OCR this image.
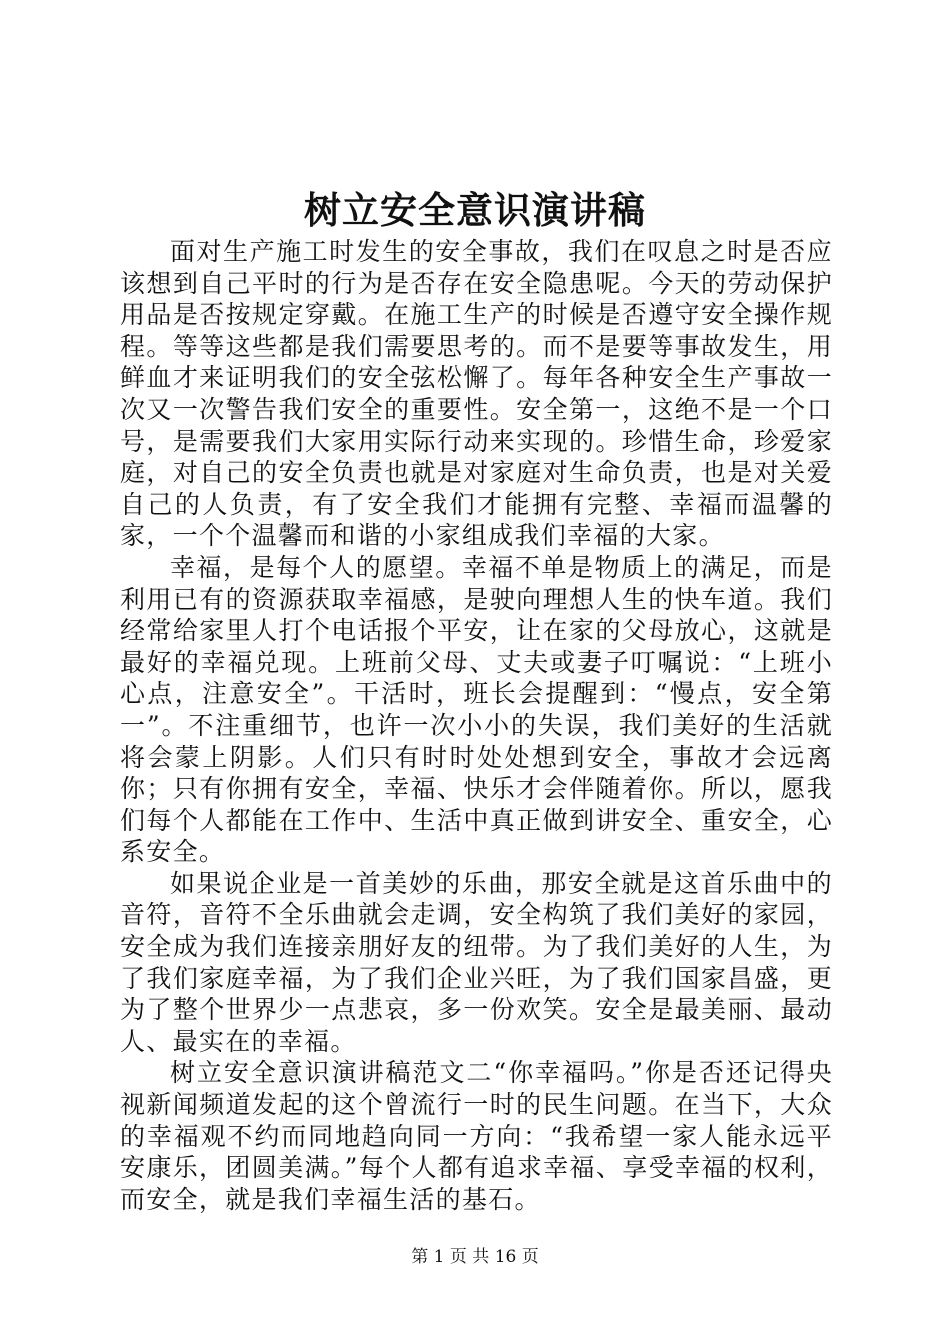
树立安全意识演讲稿

面对生产施工时发生的安全事故，我们在叹息之时是否应该想到自己平时的行为是否存在安全隐患呢。今天的劳动保护用品是否按规定穿戴。在施工生产的时候是否遵守安全操作规程。等等这些都是我们需要思考的。而不是要等事故发生，用鲜血才来证明我们的安全弦松懈了。每年各种安全生产事故一次又一次警告我们安全的重要性。安全第一，这绝不是一个口号，是需要我们大家用实际行动来实现的。珍惜生命，珍爱家庭，对自己的安全负责也就是对家庭对生命负责，也是对关爱自己的人负责，有了安全我们才能拥有完整、幸福而温馨的家，一个个温馨而和谐的小家组成我们幸福的大家。

幸福，是每个人的愿望。幸福不单是物质上的满足，而是利用已有的资源获取幸福感，是驶向理想人生的快车道。我们经常给家里人打个电话报个平安，让在家的父母放心，这就是最好的幸福兑现。上班前父母、丈夫或妻子叮嘱说：“上班小心点，注意安全”。干活时，班长会提醒到：“慢点，安全第一”。不注重细节，也许一次小小的失误，我们美好的生活就将会蒙上阴影。人们只有时时处处想到安全，事故才会远离你；只有你拥有安全，幸福、快乐才会伴随着你。所以，愿我们每个人都能在工作中、生活中真正做到讲安全、重安全，心系安全。

如果说企业是一首美妙的乐曲，那安全就是这首乐曲中的音符，音符不全乐曲就会走调，安全构筑了我们美好的家园，安全成为我们连接亲朋好友的纽带。为了我们美好的人生，为了我们家庭幸福，为了我们企业兴旺，为了我们国家昌盛，更为了整个世界少一点悲哀，多一份欢笑。安全是最美丽、最动人、最实在的幸福。

树立安全意识演讲稿范文二“你幸福吗。”你是否还记得央视新闻频道发起的这个曾流行一时的民生问题。在当下，大众的幸福观不约而同地趋向同一方向：“我希望一家人能永远平安康乐，团圆美满。”每个人都有追求幸福、享受幸福的权利，而安全，就是我们幸福生活的基石。

第 1 页 共 16 页
